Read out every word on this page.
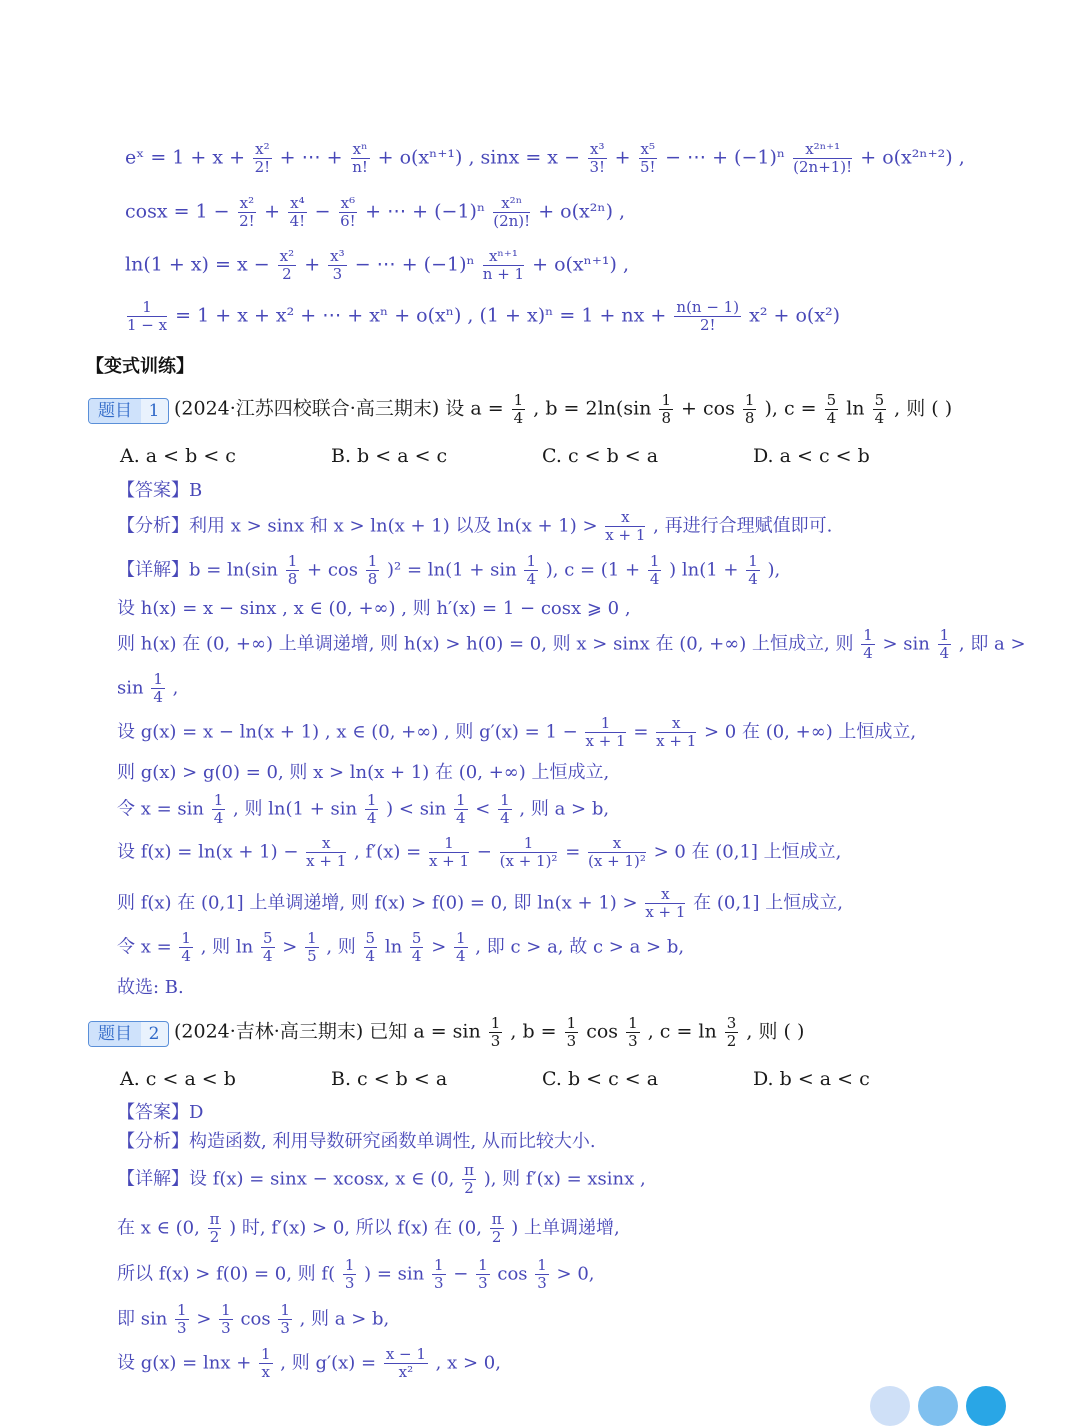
eˣ = $1 + x + \frac{\text{x²}}{2!}$ + ⋯ + $\frac{\text{xⁿ}}{n!} + o(x^{n+1})$ , $\sin x = x - \frac{\text{x³}}{3!} + \frac{\text{x⁵}}{5!}$ − ⋯ + $(-1)^n \frac{\text{x²ⁿ⁺¹}}{(2n+1)!} + o(x^{2n+2})$ ,
$\cos x = 1 - \frac{\text{x²}}{2!} + \frac{\text{x⁴}}{4!} - \frac{\text{x⁶}}{6!}$ + ⋯ + $(-1)^n \frac{\text{x²ⁿ}}{(2n)!} + o(x^{2n})$ ,
$\ln(1 + x) = x - \frac{\text{x²}}{2} + \frac{\text{x³}}{3}$ − ⋯ + $(-1)^n \frac{\text{xⁿ⁺¹}}{n + 1} + o(x^{n+1})$ ,
$\frac{1}{1 - x} = 1 + x + x^2$ + ⋯ + xⁿ + o(xⁿ) , (1 + x)ⁿ = 1 + nx + $\frac{n(n - 1)}{2!} x^2 + o(x^2)$
【变式训练】
题目 1 (2024·江苏四校联合·高三期末) 设 $a = \frac{1}{4}$ , $b = 2\ln(\sin \frac{1}{8} + \cos \frac{1}{8}$ ), $c = \frac{5}{4}$ $\ln \frac{5}{4}$ , 则 ( )
A. a < b < c	B. b < a < c	C. c < b < a	D. a < c < b
【答案】B
【分析】利用 x > sinx 和 x > ln(x + 1) 以及 $\ln(x + 1) > \frac{x}{x + 1}$ , 再进行合理赋值即可.
【详解】$b = \ln(\sin \frac{1}{8} + \cos \frac{1}{8} )^2 = \ln(1 + \sin \frac{1}{4}$ ), $c = (1 + \frac{1}{4}$ ) $\ln(1 + \frac{1}{4}$ ),
设 h(x) = x − sinx , x ∈ (0, +∞) , 则 h′(x) = 1 − cosx ⩾ 0 ,
则 h(x) 在 (0, +∞) 上单调递增, 则 h(x) > h(0) = 0, 则 x > sinx 在 (0, +∞) 上恒成立, 则 $\frac{1}{4} > \sin \frac{1}{4}$ , 即 a >
$\sin \frac{1}{4}$ ,
设 g(x) = x − ln(x + 1) , x ∈ (0, +∞) , 则 $g'(x) = 1 - \frac{1}{x + 1} = \frac{x}{x + 1} > 0$ 在 (0, +∞) 上恒成立,
则 g(x) > g(0) = 0, 则 x > ln(x + 1) 在 (0, +∞) 上恒成立,
令 $x = \sin \frac{1}{4}$ , 则 $\ln(1 + \sin \frac{1}{4}$ ) < $\sin \frac{1}{4} < \frac{1}{4}$ , 则 a > b,
设 $f(x) = \ln(x + 1) - \frac{x}{x + 1}$ , $f'(x) = \frac{1}{x + 1} - \frac{1}{\text{(x + 1)²}} = \frac{x}{\text{(x + 1)²}} > 0$ 在 (0,1] 上恒成立,
则 f(x) 在 (0,1] 上单调递增, 则 f(x) > f(0) = 0, 即 $\ln(x + 1) > \frac{x}{x + 1}$ 在 (0,1] 上恒成立,
令 $x = \frac{1}{4}$ , 则 $\ln \frac{5}{4} > \frac{1}{5}$ , 则 $\frac{5}{4}$ $\ln \frac{5}{4} > \frac{1}{4}$ , 即 c > a, 故 c > a > b,
故选: B.
题目 2 (2024·吉林·高三期末) 已知 $a = \sin \frac{1}{3}$ , $b = \frac{1}{3}$ $\cos \frac{1}{3}$ , $c = \ln \frac{3}{2}$ , 则 ( )
A. c < a < b	B. c < b < a	C. b < c < a	D. b < a < c
【答案】D
【分析】构造函数, 利用导数研究函数单调性, 从而比较大小.
【详解】设 f(x) = sinx − xcosx, x ∈ (0, $\frac{\pi}{2}$ ), 则 f′(x) = xsinx ,
在 x ∈ (0, $\frac{\pi}{2}$ ) 时, f′(x) > 0, 所以 f(x) 在 (0, $\frac{\pi}{2}$ ) 上单调递增,
所以 f(x) > f(0) = 0, 则 $f( \frac{1}{3}$ ) = $\sin \frac{1}{3} - \frac{1}{3}$ $\cos \frac{1}{3} > 0$,
即 $\sin \frac{1}{3} > \frac{1}{3}$ $\cos \frac{1}{3}$ , 则 a > b,
设 $g(x) = \ln x + \frac{1}{x}$ , 则 $g'(x) = \frac{x - 1}{\text{x²}}$ , x > 0,
